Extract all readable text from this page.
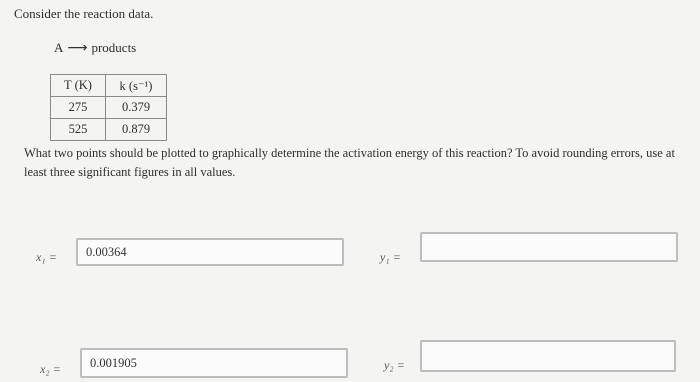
Consider the reaction data.
A ⟶ products
T (K)	k (s⁻¹)
275	0.379
525	0.879
What two points should be plotted to graphically determine the activation energy of this reaction? To avoid rounding errors, use at least three significant figures in all values.
x₁ =	0.00364	y₁ =
x₂ =	0.001905	y₂ =
